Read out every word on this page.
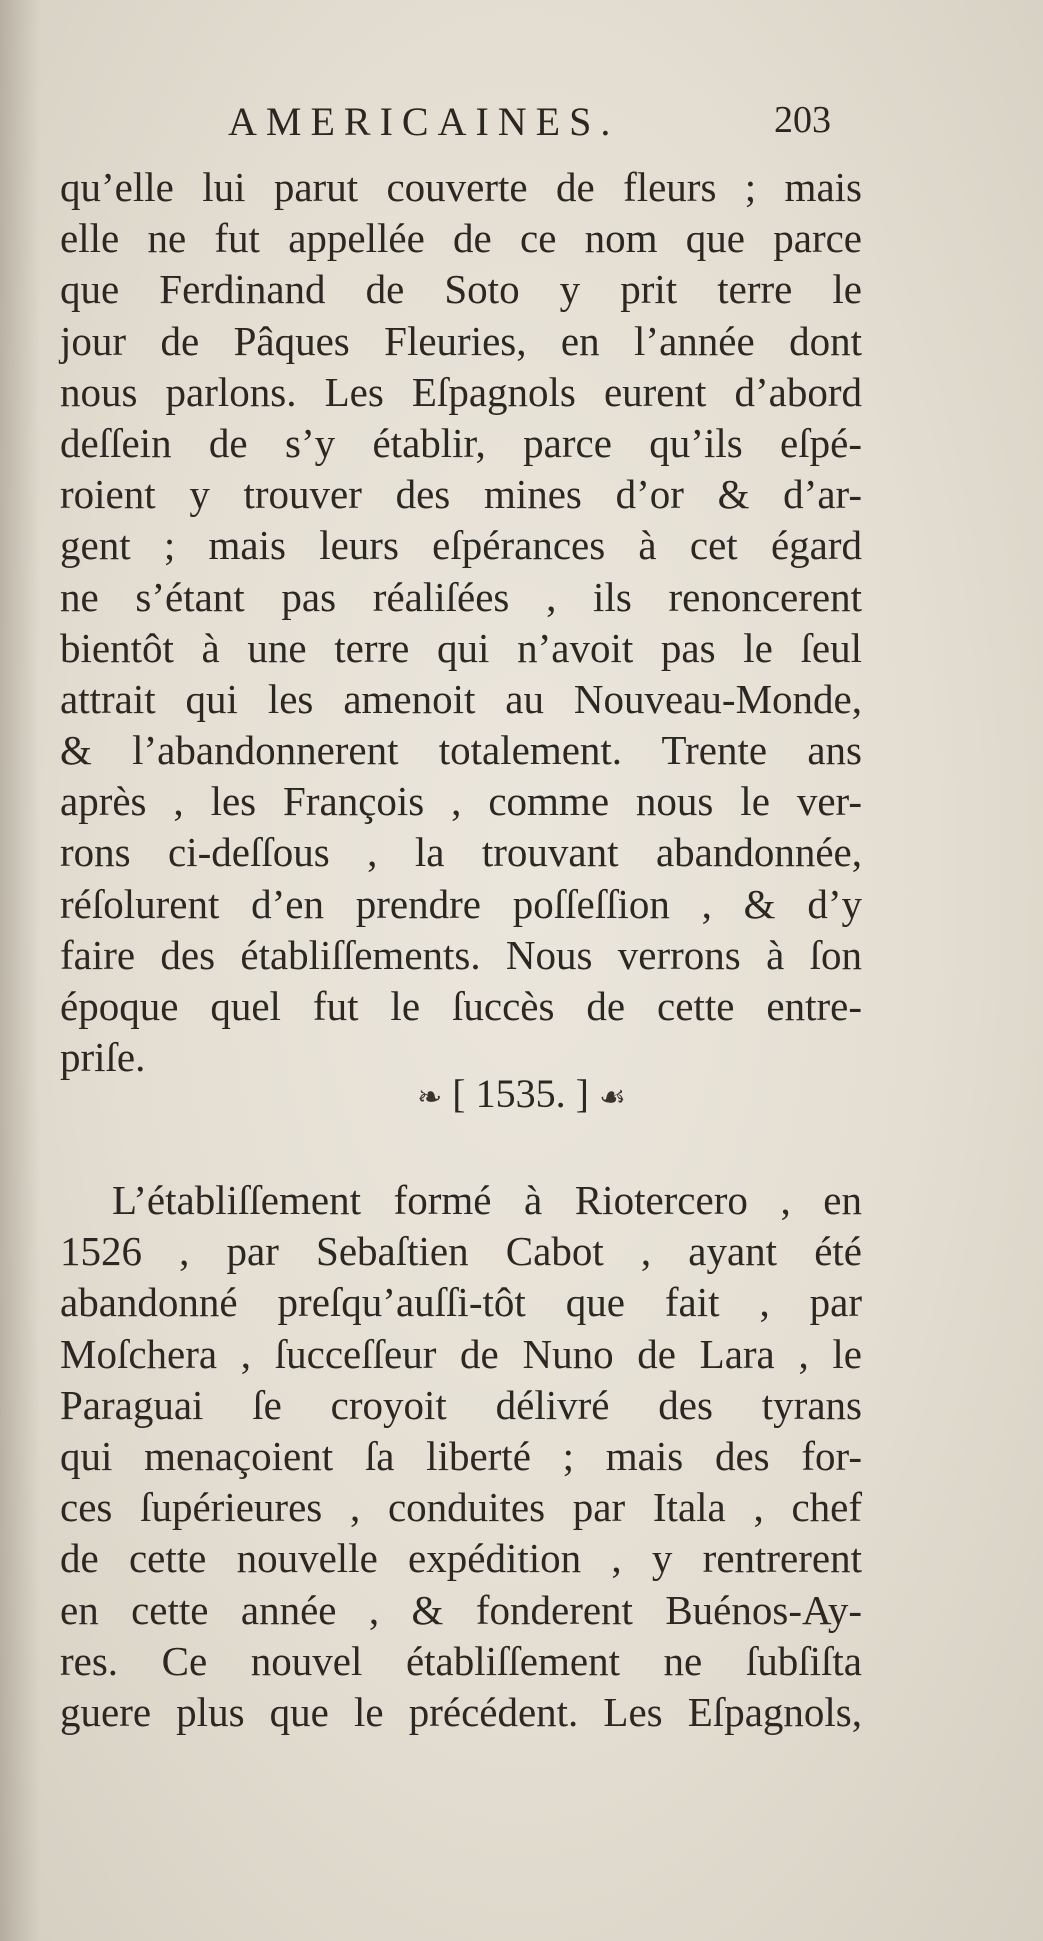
AMERICAINES.	203
qu’elle lui parut couverte de fleurs ; mais
elle ne fut appellée de ce nom que parce
que Ferdinand de Soto y prit terre le
jour de Pâques Fleuries, en l’année dont
nous parlons. Les Eſpagnols eurent d’abord
deſſein de s’y établir, parce qu’ils eſpé-
roient y trouver des mines d’or & d’ar-
gent ; mais leurs eſpérances à cet égard
ne s’étant pas réaliſées , ils renoncerent
bientôt à une terre qui n’avoit pas le ſeul
attrait qui les amenoit au Nouveau-Monde,
& l’abandonnerent totalement. Trente ans
après , les François , comme nous le ver-
rons ci-deſſous , la trouvant abandonnée,
réſolurent d’en prendre poſſeſſion , & d’y
faire des établiſſements. Nous verrons à ſon
époque quel fut le ſuccès de cette entre-
priſe.
❧ [ 1535. ] ☙
L’établiſſement formé à Riotercero , en
1526 , par Sebaſtien Cabot , ayant été
abandonné preſqu’auſſi-tôt que fait , par
Moſchera , ſucceſſeur de Nuno de Lara , le
Paraguai ſe croyoit délivré des tyrans
qui menaçoient ſa liberté ; mais des for-
ces ſupérieures , conduites par Itala , chef
de cette nouvelle expédition , y rentrerent
en cette année , & fonderent Buénos-Ay-
res. Ce nouvel établiſſement ne ſubſiſta
guere plus que le précédent. Les Eſpagnols,
